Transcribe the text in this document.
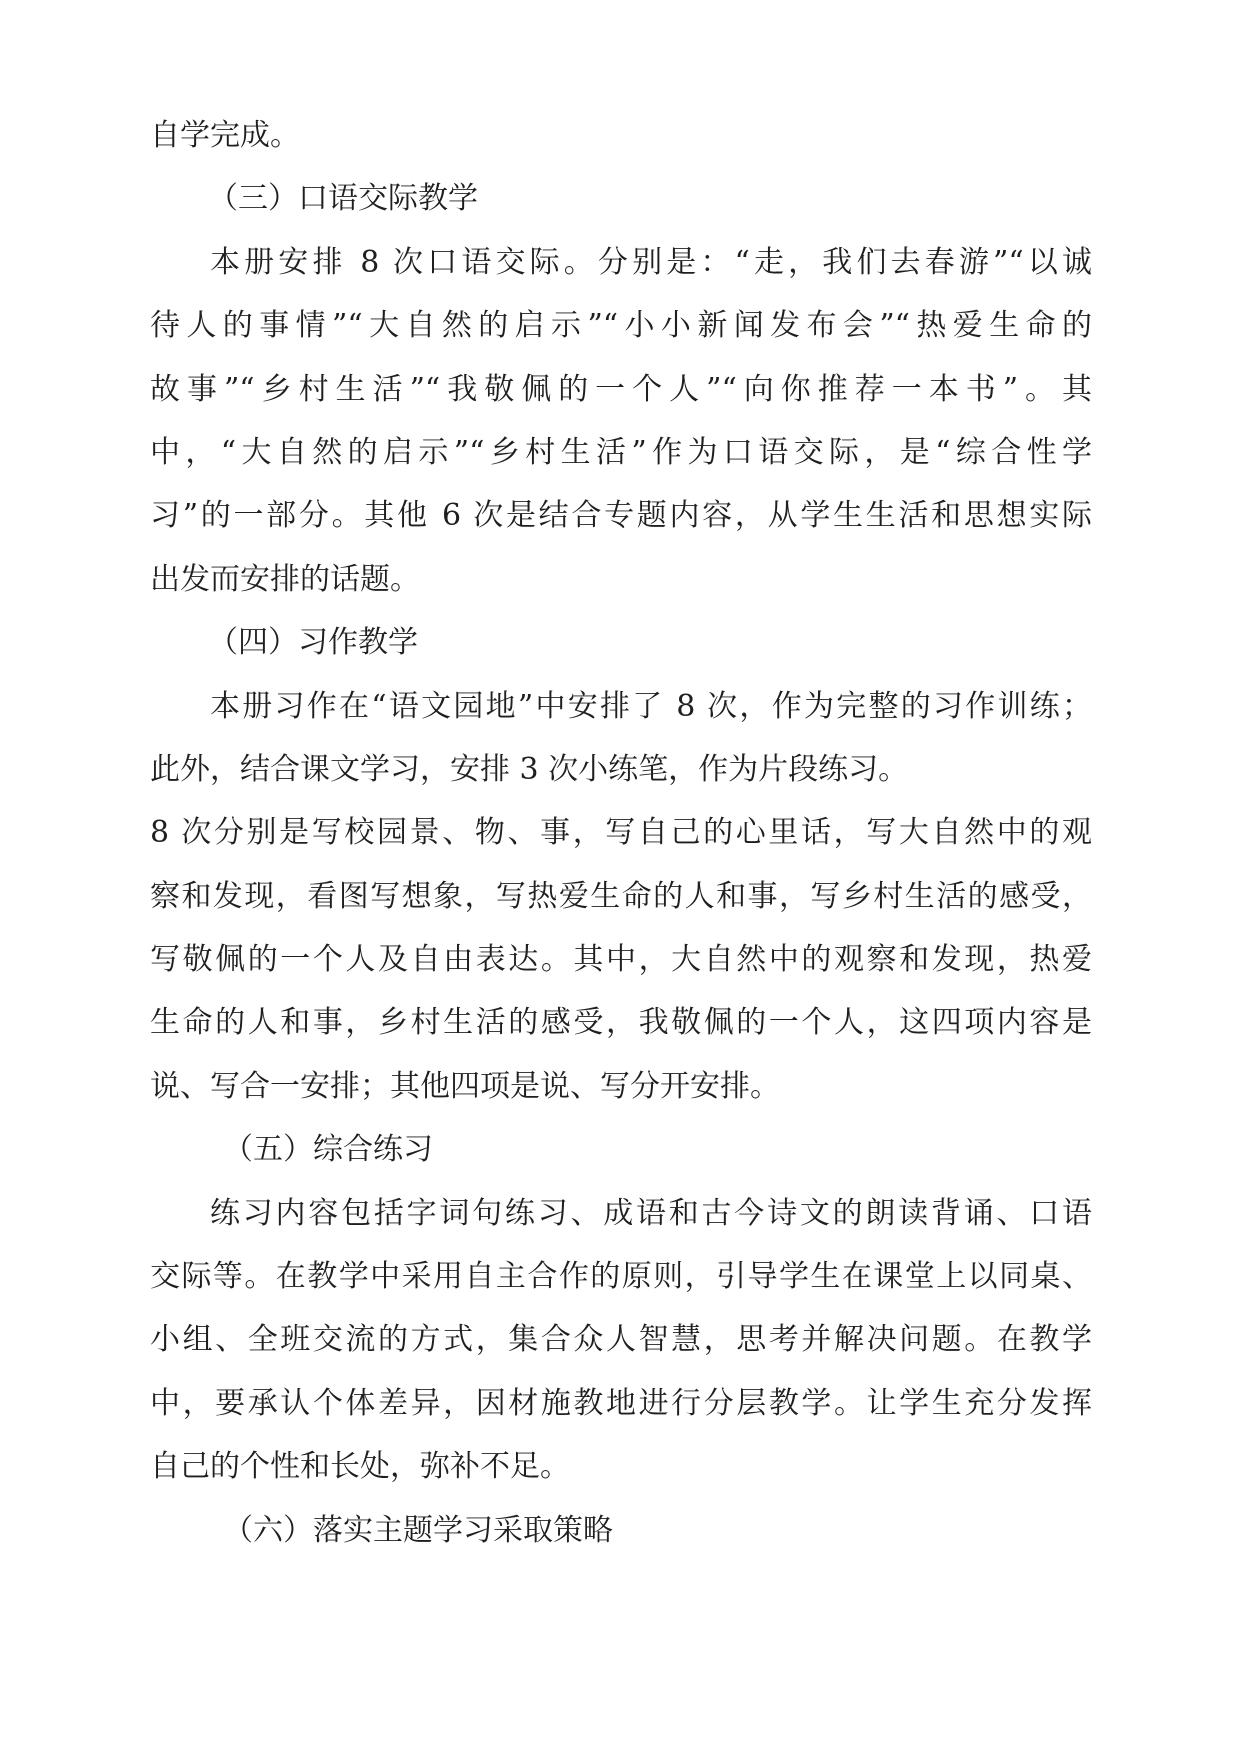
自学完成。
（三）口语交际教学
本册安排 8 次口语交际。分别是：“走，我们去春游”“以诚
待人的事情”“大自然的启示”“小小新闻发布会”“热爱生命的
故事”“乡村生活”“我敬佩的一个人”“向你推荐一本书”。其
中，“大自然的启示”“乡村生活”作为口语交际，是“综合性学
习”的一部分。其他 6 次是结合专题内容，从学生生活和思想实际
出发而安排的话题。
（四）习作教学
本册习作在“语文园地”中安排了 8 次，作为完整的习作训练；
此外，结合课文学习，安排 3 次小练笔，作为片段练习。
8 次分别是写校园景、物、事，写自己的心里话，写大自然中的观
察和发现，看图写想象，写热爱生命的人和事，写乡村生活的感受，
写敬佩的一个人及自由表达。其中，大自然中的观察和发现，热爱
生命的人和事，乡村生活的感受，我敬佩的一个人，这四项内容是
说、写合一安排；其他四项是说、写分开安排。
（五）综合练习
练习内容包括字词句练习、成语和古今诗文的朗读背诵、口语
交际等。在教学中采用自主合作的原则，引导学生在课堂上以同桌、
小组、全班交流的方式，集合众人智慧，思考并解决问题。在教学
中，要承认个体差异，因材施教地进行分层教学。让学生充分发挥
自己的个性和长处，弥补不足。
（六）落实主题学习采取策略
